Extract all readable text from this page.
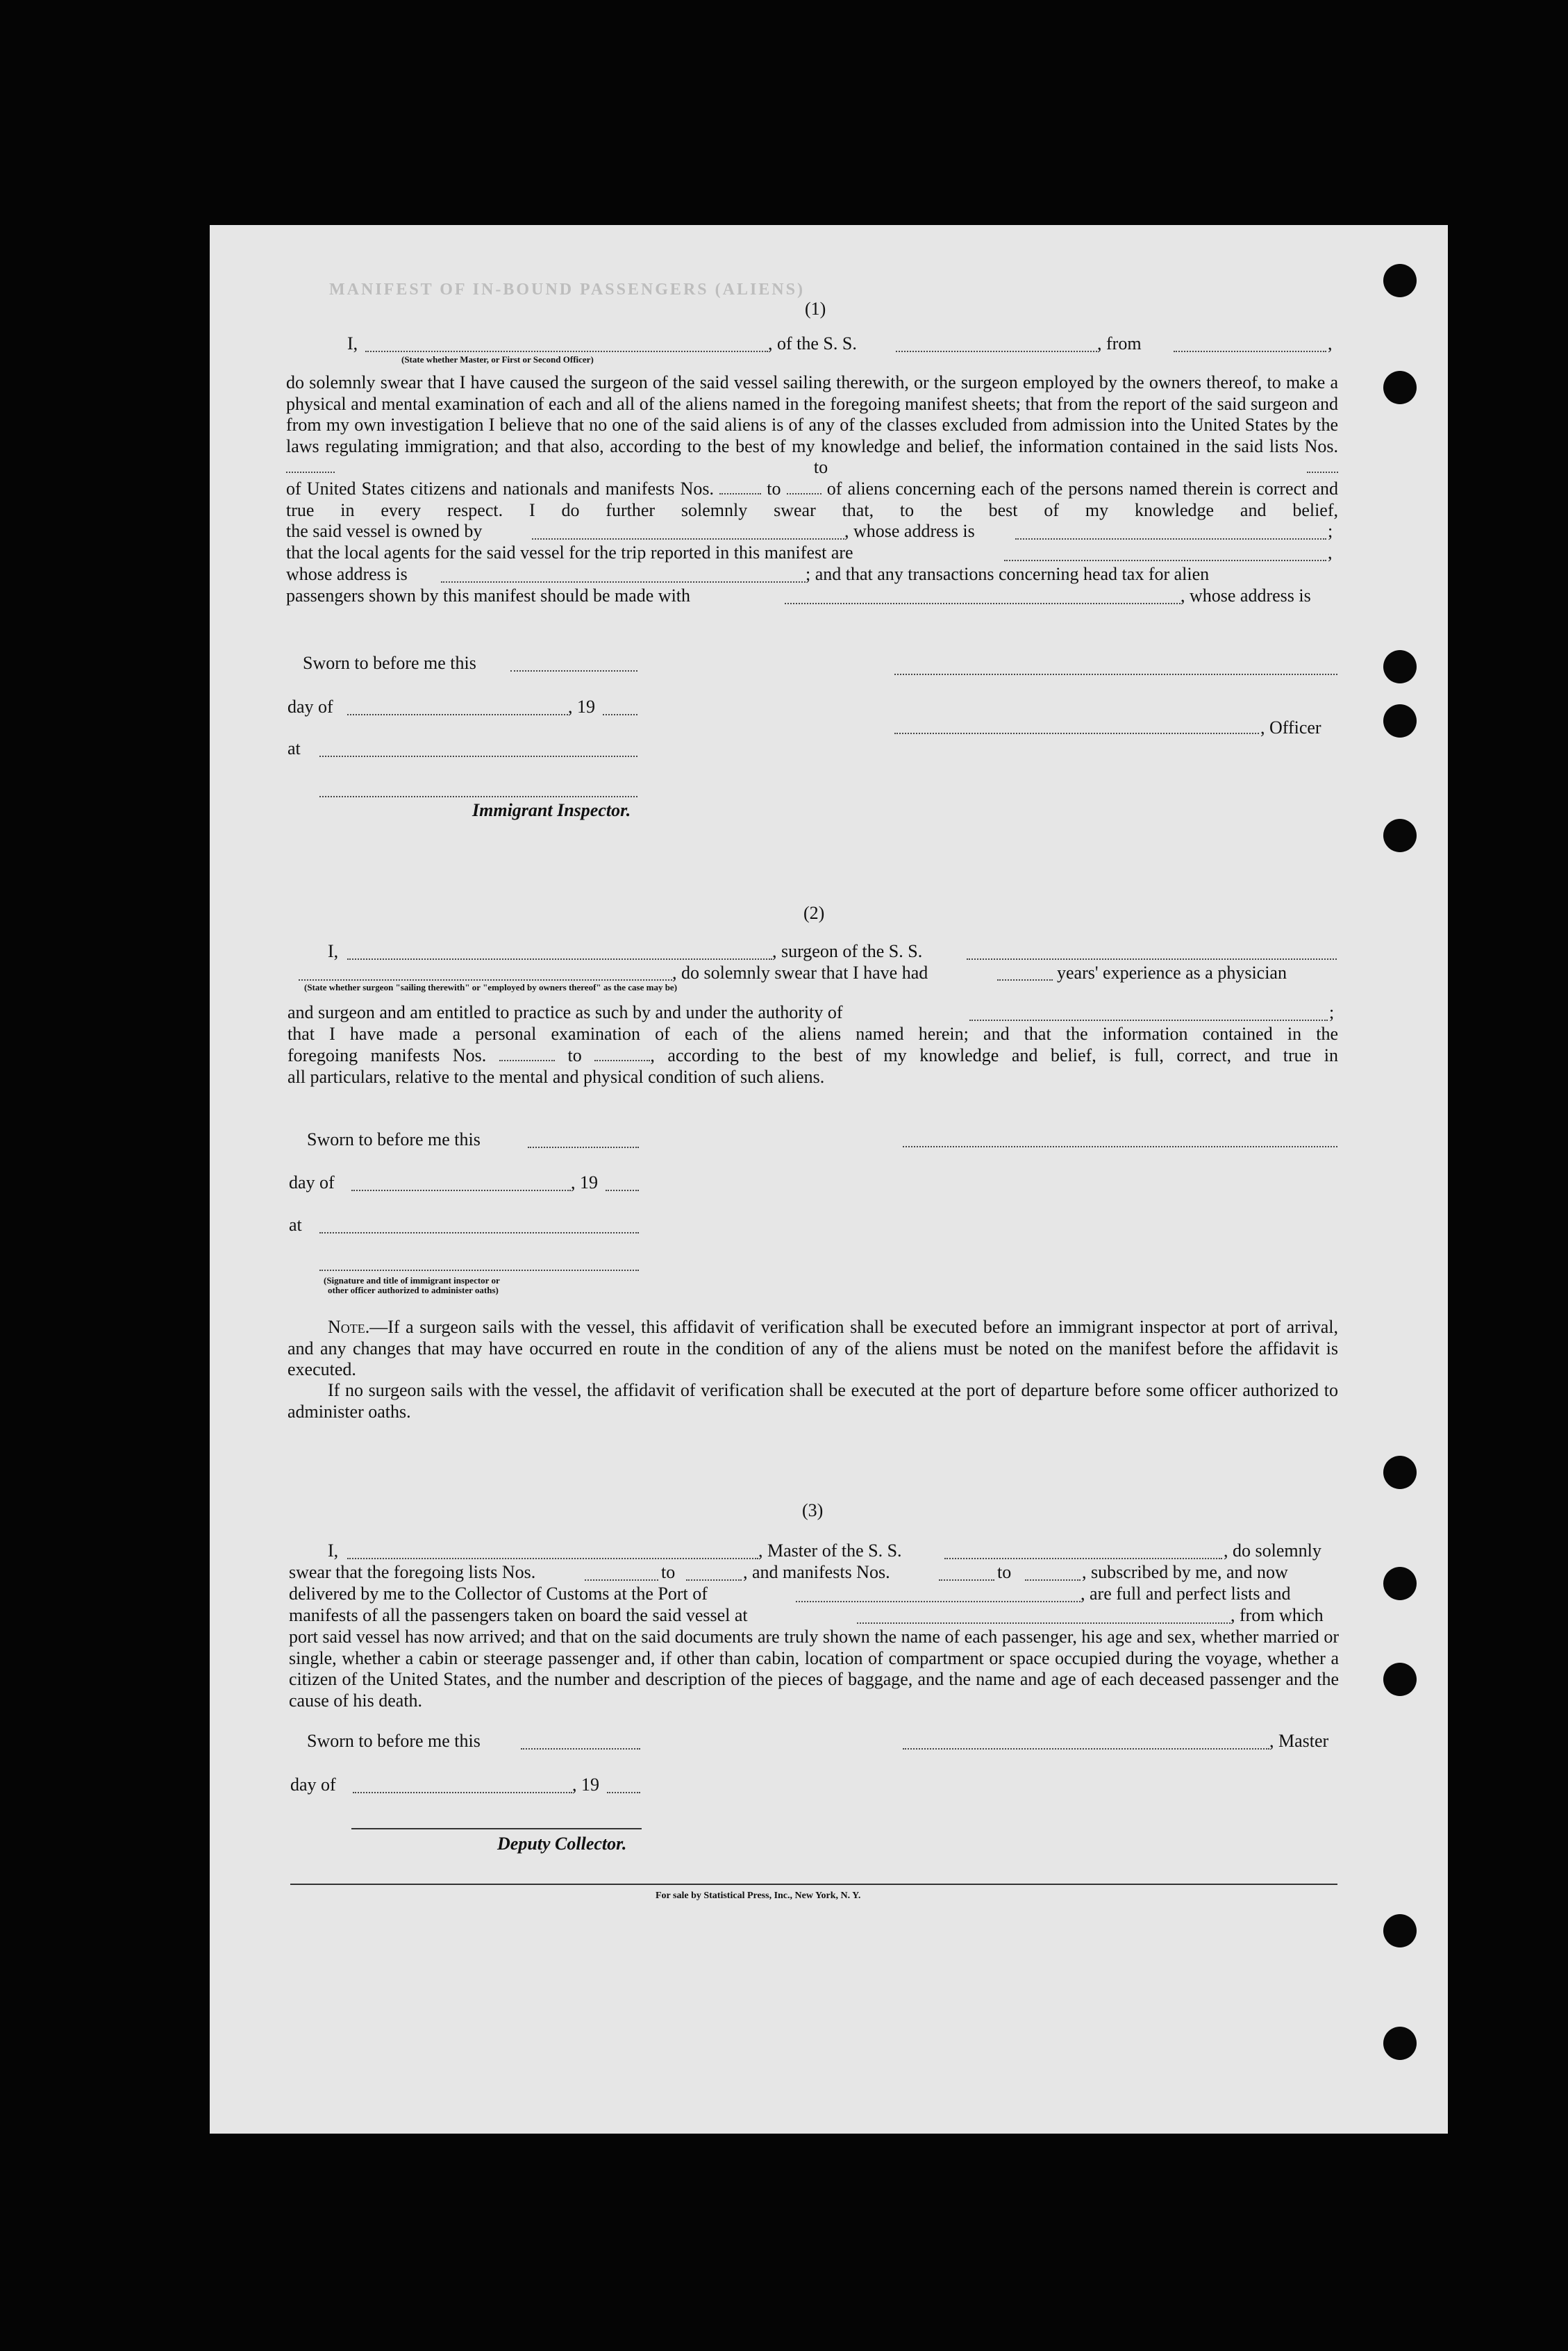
MANIFEST OF IN-BOUND PASSENGERS (ALIENS)
(1)
I,	, of the S. S.	, from	,
(State whether Master, or First or Second Officer)
do solemnly swear that I have caused the surgeon of the said vessel sailing therewith, or the surgeon employed by the owners thereof, to make a physical and mental examination of each and all of the aliens named in the foregoing manifest sheets; that from the report of the said surgeon and from my own investigation I believe that no one of the said aliens is of any of the classes excluded from admission into the United States by the laws regulating immigration; and that also, according to the best of my knowledge and belief, the information contained in the said lists Nos.  to
of United States citizens and nationals and manifests Nos.	to	of aliens concerning each of the persons named therein is correct and true in every respect. I do further solemnly swear that, to the best of my knowledge and belief,
the said vessel is owned by	, whose address is	;
that the local agents for the said vessel for the trip reported in this manifest are	,
whose address is	; and that any transactions concerning head tax for alien
passengers shown by this manifest should be made with	, whose address is
Sworn to before me this
day of	, 19
, Officer
at
Immigrant Inspector.
(2)
I,	, surgeon of the S. S.
, do solemnly swear that I have had	years' experience as a physician
(State whether surgeon "sailing therewith" or "employed by owners thereof" as the case may be)
and surgeon and am entitled to practice as such by and under the authority of	;
that I have made a personal examination of each of the aliens named herein; and that the information contained in the
foregoing manifests Nos.	to	, according to the best of my knowledge and belief, is full, correct, and true in
all particulars, relative to the mental and physical condition of such aliens.
Sworn to before me this
day of	, 19
at
(Signature and title of immigrant inspector or
other officer authorized to administer oaths)
Note.—If a surgeon sails with the vessel, this affidavit of verification shall be executed before an immigrant inspector at port of arrival, and any changes that may have occurred en route in the condition of any of the aliens must be noted on the manifest before the affidavit is executed.
If no surgeon sails with the vessel, the affidavit of verification shall be executed at the port of departure before some officer authorized to administer oaths.
(3)
I,	, Master of the S. S.	, do solemnly
swear that the foregoing lists Nos.	to	, and manifests Nos.	to	, subscribed by me, and now
delivered by me to the Collector of Customs at the Port of	, are full and perfect lists and
manifests of all the passengers taken on board the said vessel at	, from which
port said vessel has now arrived; and that on the said documents are truly shown the name of each passenger, his age and sex, whether married or single, whether a cabin or steerage passenger and, if other than cabin, location of compartment or space occupied during the voyage, whether a citizen of the United States, and the number and description of the pieces of baggage, and the name and age of each deceased passenger and the cause of his death.
Sworn to before me this	, Master
day of	, 19
Deputy Collector.
For sale by Statistical Press, Inc., New York, N. Y.
